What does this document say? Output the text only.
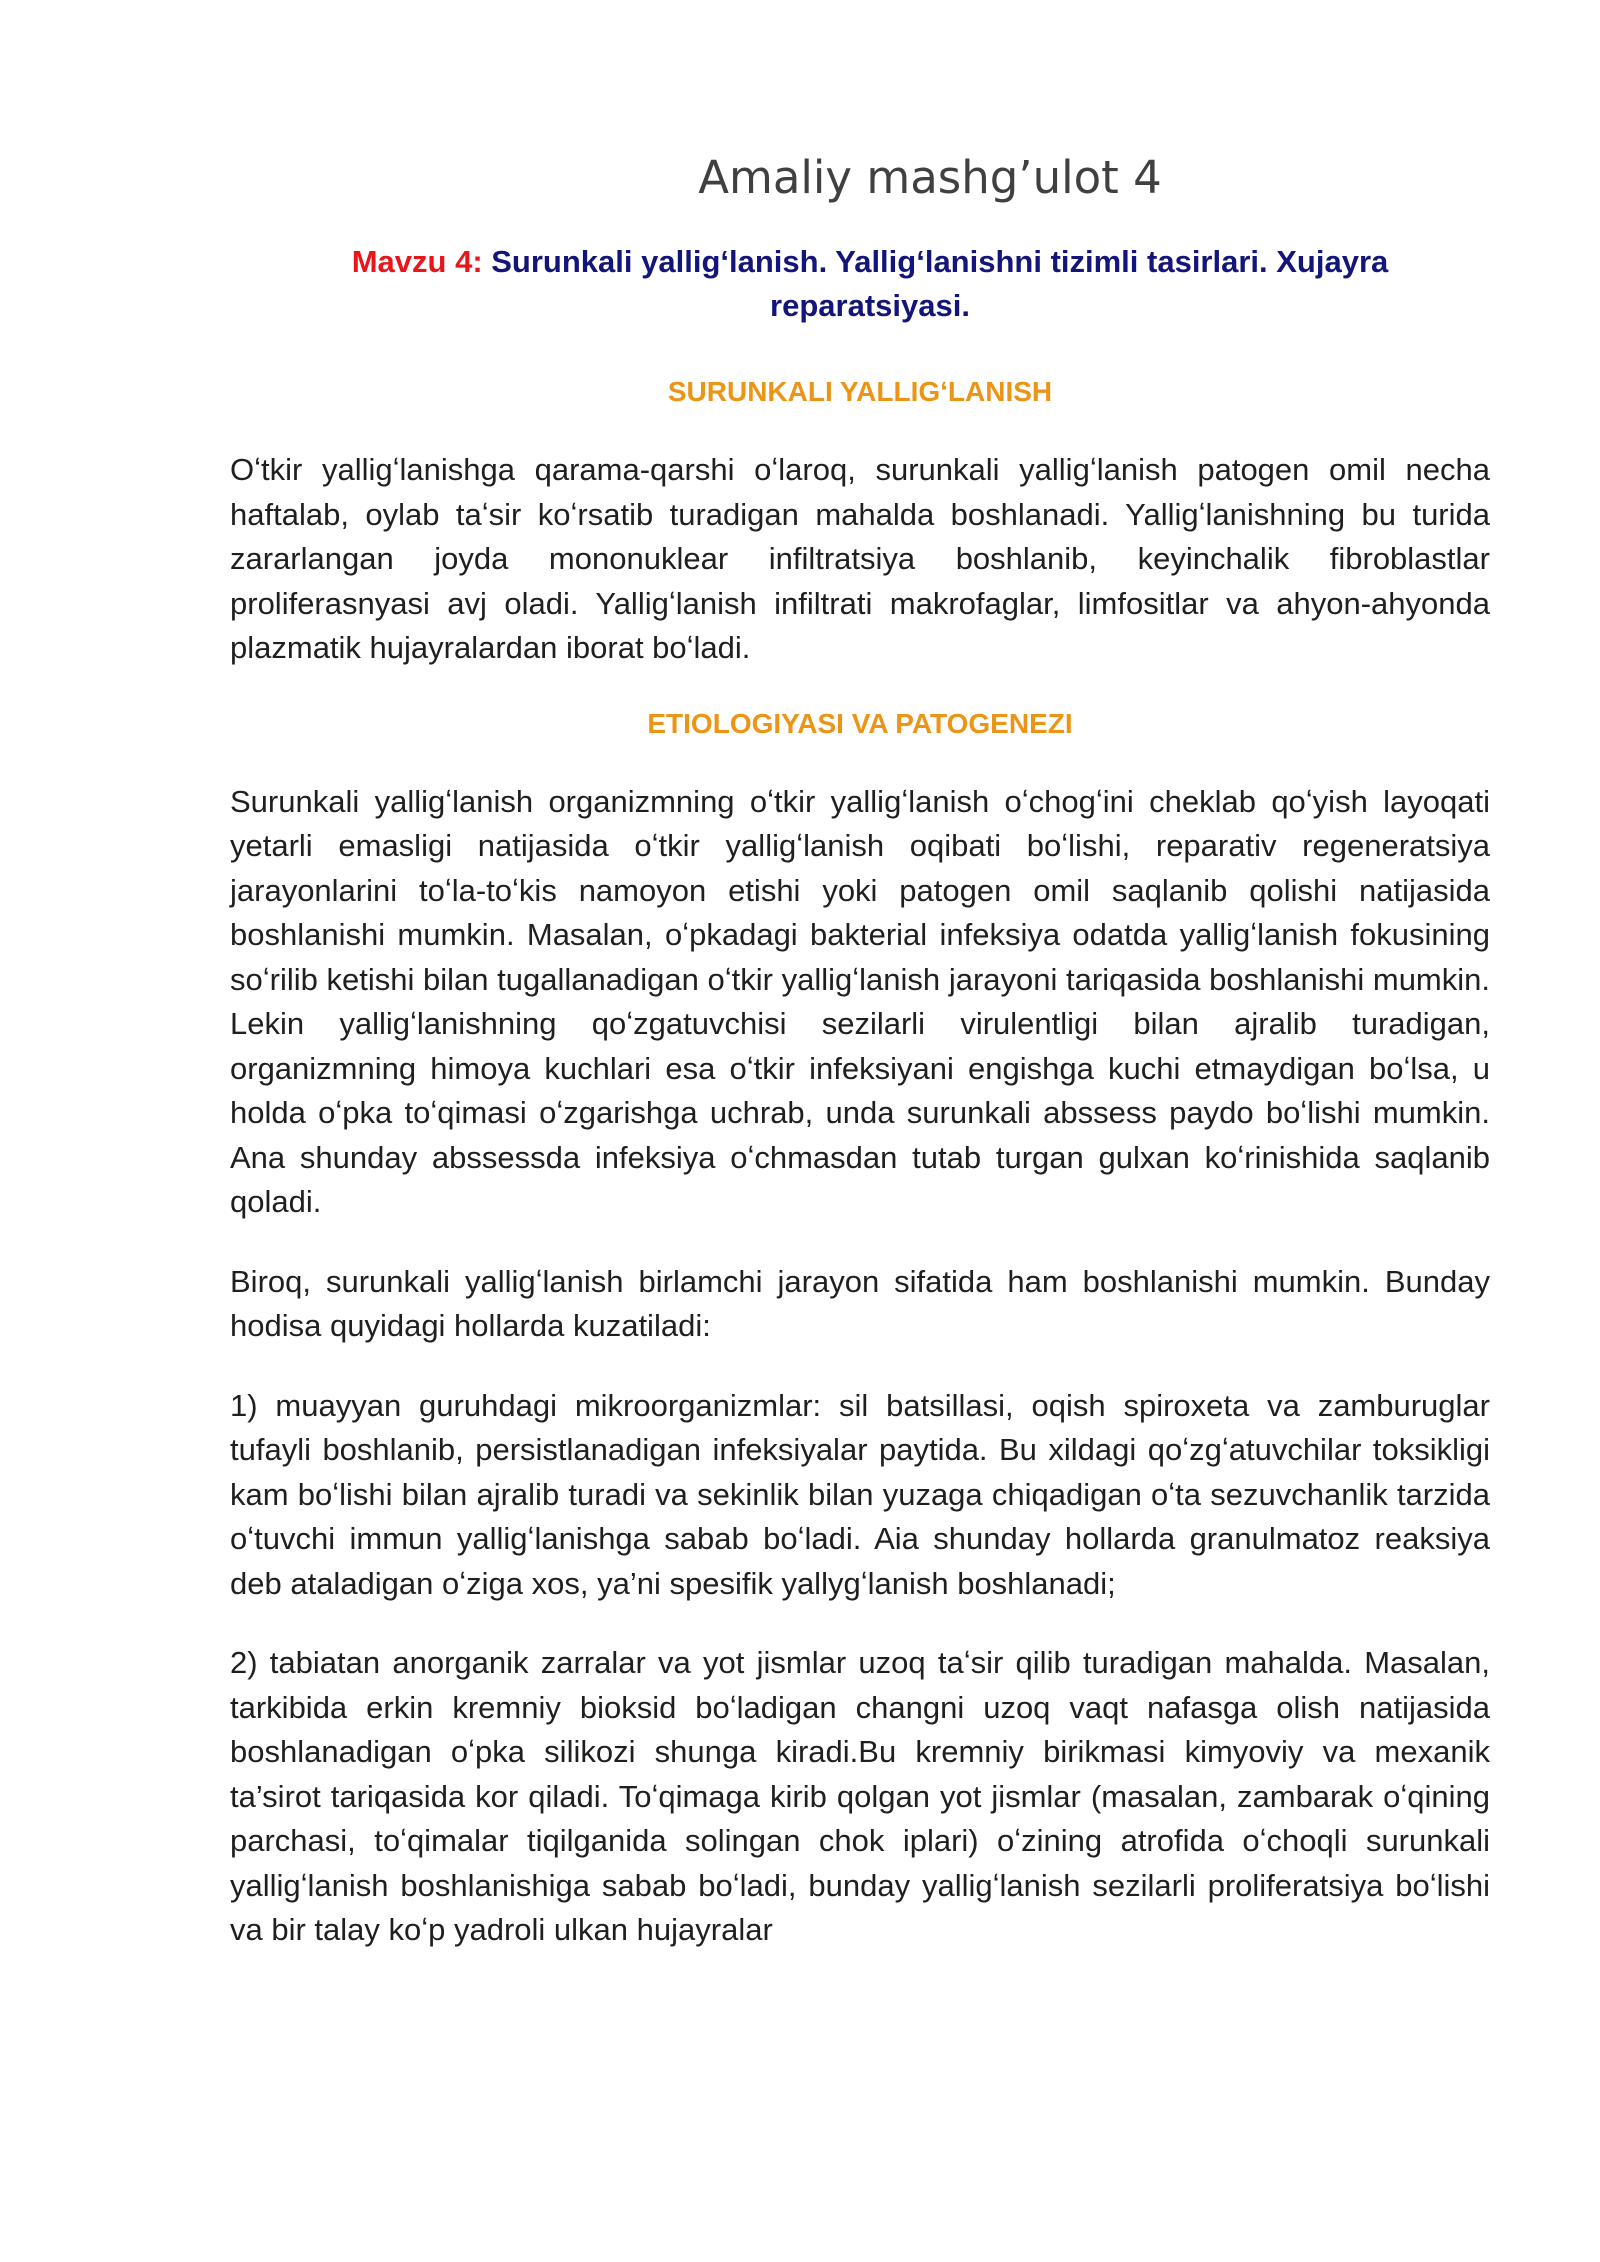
Amaliy mashg’ulot 4

Mavzu 4: Surunkali yallig‘lanish. Yallig‘lanishni tizimli tasirlari. Xujayra reparatsiyasi.

SURUNKALI YALLIGʻLANISH

Oʻtkir yalligʻlanishga qarama-qarshi oʻlaroq, surunkali yalligʻlanish patogen omil necha haftalab, oylab taʻsir koʻrsatib turadigan mahalda boshlanadi. Yalligʻlanishning bu turida zararlangan joyda mononuklear infiltratsiya boshlanib, keyinchalik fibroblastlar proliferasnyasi avj oladi. Yalligʻlanish infiltrati makrofaglar, limfositlar va ahyon-ahyonda plazmatik hujayralardan iborat boʻladi.

ETIOLOGIYASI VA PATOGENEZI

Surunkali yalligʻlanish organizmning oʻtkir yalligʻlanish oʻchogʻini cheklab qoʻyish layoqati yetarli emasligi natijasida oʻtkir yalligʻlanish oqibati boʻlishi, reparativ regeneratsiya jarayonlarini toʻla-toʻkis namoyon etishi yoki patogen omil saqlanib qolishi natijasida boshlanishi mumkin. Masalan, oʻpkadagi bakterial infeksiya odatda yalligʻlanish fokusining soʻrilib ketishi bilan tugallanadigan oʻtkir yalligʻlanish jarayoni tariqasida boshlanishi mumkin. Lekin yalligʻlanishning qoʻzgatuvchisi sezilarli virulentligi bilan ajralib turadigan, organizmning himoya kuchlari esa oʻtkir infeksiyani engishga kuchi etmaydigan boʻlsa, u holda oʻpka toʻqimasi oʻzgarishga uchrab, unda surunkali abssess paydo boʻlishi mumkin. Ana shunday abssessda infeksiya oʻchmasdan tutab turgan gulxan koʻrinishida saqlanib qoladi.

Biroq, surunkali yalligʻlanish birlamchi jarayon sifatida ham boshlanishi mumkin. Bunday hodisa quyidagi hollarda kuzatiladi:

1) muayyan guruhdagi mikroorganizmlar: sil batsillasi, oqish spiroxeta va zamburuglar tufayli boshlanib, persistlanadigan infeksiyalar paytida. Bu xildagi qoʻzgʻatuvchilar toksikligi kam boʻlishi bilan ajralib turadi va sekinlik bilan yuzaga chiqadigan oʻta sezuvchanlik tarzida oʻtuvchi immun yalligʻlanishga sabab boʻladi. Aia shunday hollarda granulmatoz reaksiya deb ataladigan oʻziga xos, ya’ni spesifik yallygʻlanish boshlanadi;

2) tabiatan anorganik zarralar va yot jismlar uzoq taʻsir qilib turadigan mahalda. Masalan, tarkibida erkin kremniy bioksid boʻladigan changni uzoq vaqt nafasga olish natijasida boshlanadigan oʻpka silikozi shunga kiradi.Bu kremniy birikmasi kimyoviy va mexanik ta’sirot tariqasida kor qiladi. Toʻqimaga kirib qolgan yot jismlar (masalan, zambarak oʻqining parchasi, toʻqimalar tiqilganida solingan chok iplari) oʻzining atrofida oʻchoqli surunkali yalligʻlanish boshlanishiga sabab boʻladi, bunday yalligʻlanish sezilarli proliferatsiya boʻlishi va bir talay koʻp yadroli ulkan hujayralar
